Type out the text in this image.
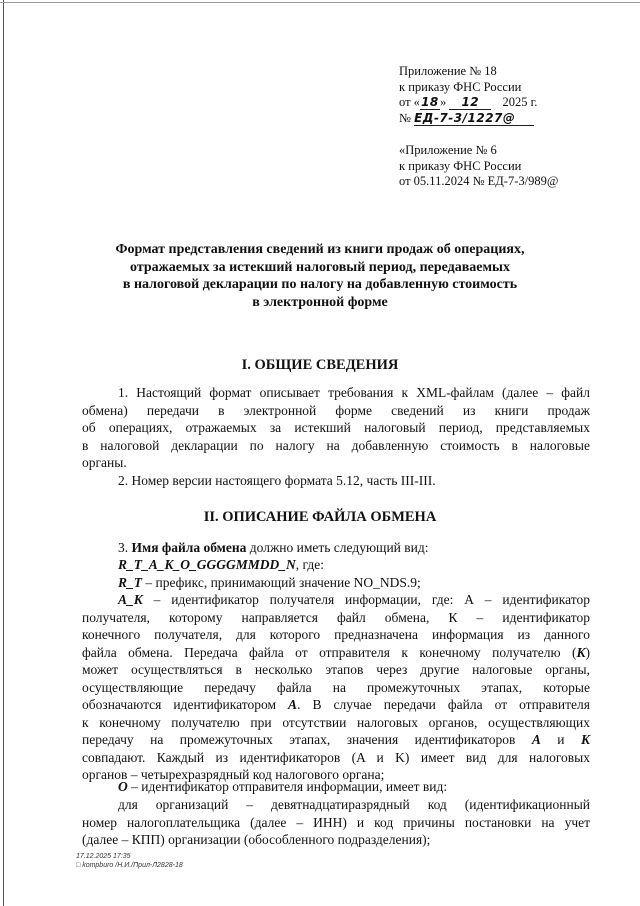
Приложение № 18
к приказу ФНС России
от «18» 12 2025 г.
№ ЕД-7-3/1227@
«Приложение № 6
к приказу ФНС России
от 05.11.2024 № ЕД-7-3/989@
Формат представления сведений из книги продаж об операциях,
отражаемых за истекший налоговый период, передаваемых
в налоговой декларации по налогу на добавленную стоимость
в электронной форме
I. ОБЩИЕ СВЕДЕНИЯ
1. Настоящий формат описывает требования к XML-файлам (далее – файл
обмена) передачи в электронной форме сведений из книги продаж
об операциях, отражаемых за истекший налоговый период, представляемых
в налоговой декларации по налогу на добавленную стоимость в налоговые
органы.
2. Номер версии настоящего формата 5.12, часть III-III.
II. ОПИСАНИЕ ФАЙЛА ОБМЕНА
3. Имя файла обмена должно иметь следующий вид:
R_T_A_K_O_GGGGMMDD_N, где:
R_T – префикс, принимающий значение NO_NDS.9;
A_K – идентификатор получателя информации, где: А – идентификатор
получателя, которому направляется файл обмена, К – идентификатор
конечного получателя, для которого предназначена информация из данного
файла обмена. Передача файла от отправителя к конечному получателю (K)
может осуществляться в несколько этапов через другие налоговые органы,
осуществляющие передачу файла на промежуточных этапах, которые
обозначаются идентификатором A. В случае передачи файла от отправителя
к конечному получателю при отсутствии налоговых органов, осуществляющих
передачу на промежуточных этапах, значения идентификаторов A и K
совпадают. Каждый из идентификаторов (A и K) имеет вид для налоговых
органов – четырехразрядный код налогового органа;
O – идентификатор отправителя информации, имеет вид:
для организаций – девятнадцатиразрядный код (идентификационный
номер налогоплательщика (далее – ИНН) и код причины постановки на учет
(далее – КПП) организации (обособленного подразделения);
17.12.2025 17:35
□ kompburo /Н.И./Прил-Л2828-18
